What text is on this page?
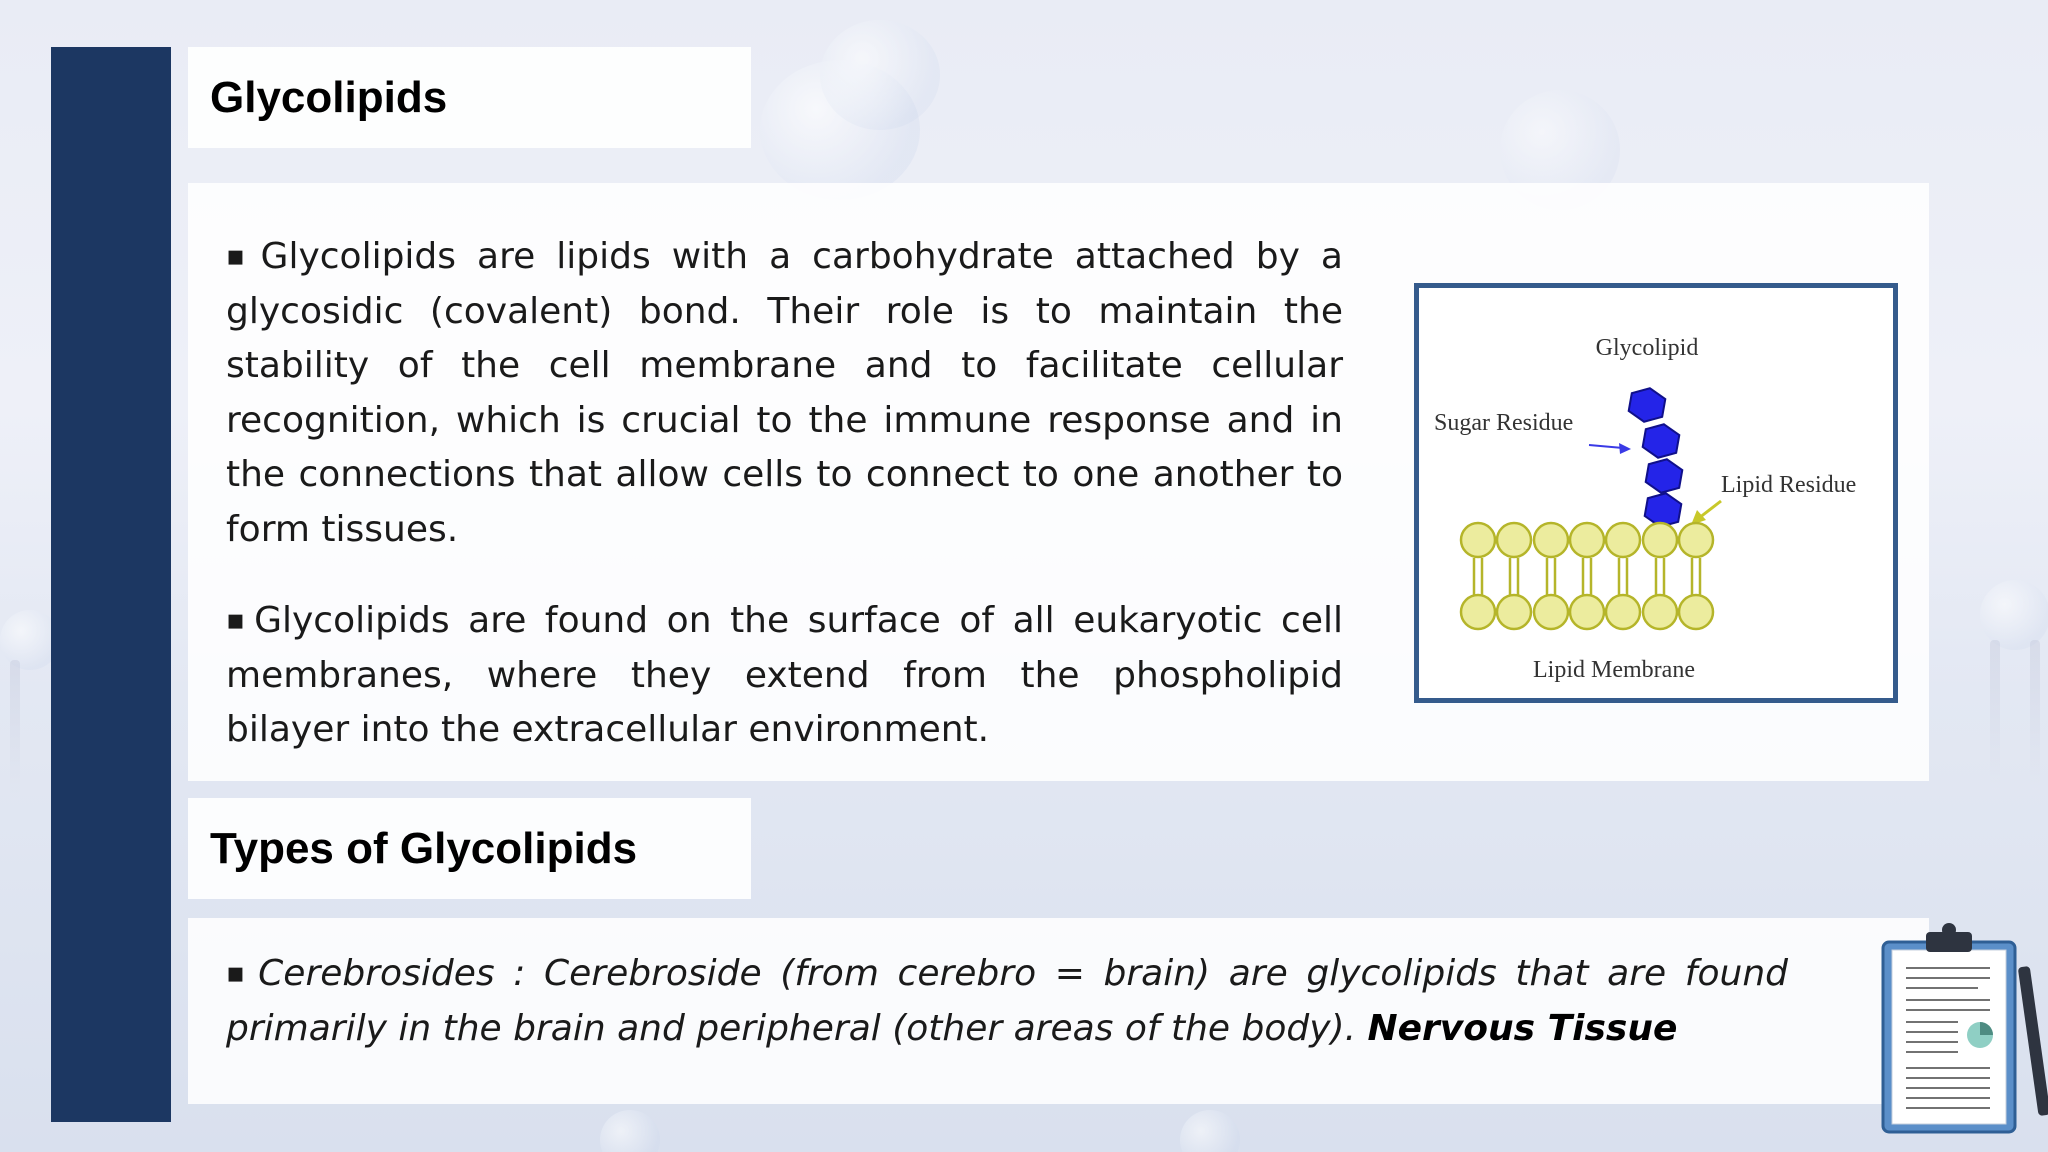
Glycolipids
▪ Glycolipids are lipids with a carbohydrate attached by a glycosidic (covalent) bond. Their role is to maintain the stability of the cell membrane and to facilitate cellular recognition, which is crucial to the immune response and in the connections that allow cells to connect to one another to form tissues.
▪Glycolipids are found on the surface of all eukaryotic cell membranes, where they extend from the phospholipid bilayer into the extracellular environment.
Glycolipid
Sugar Residue
Lipid Residue
Lipid Membrane
Types of Glycolipids
▪ Cerebrosides : Cerebroside (from cerebro = brain) are glycolipids that are found primarily in the brain and peripheral (other areas of the body). Nervous Tissue
